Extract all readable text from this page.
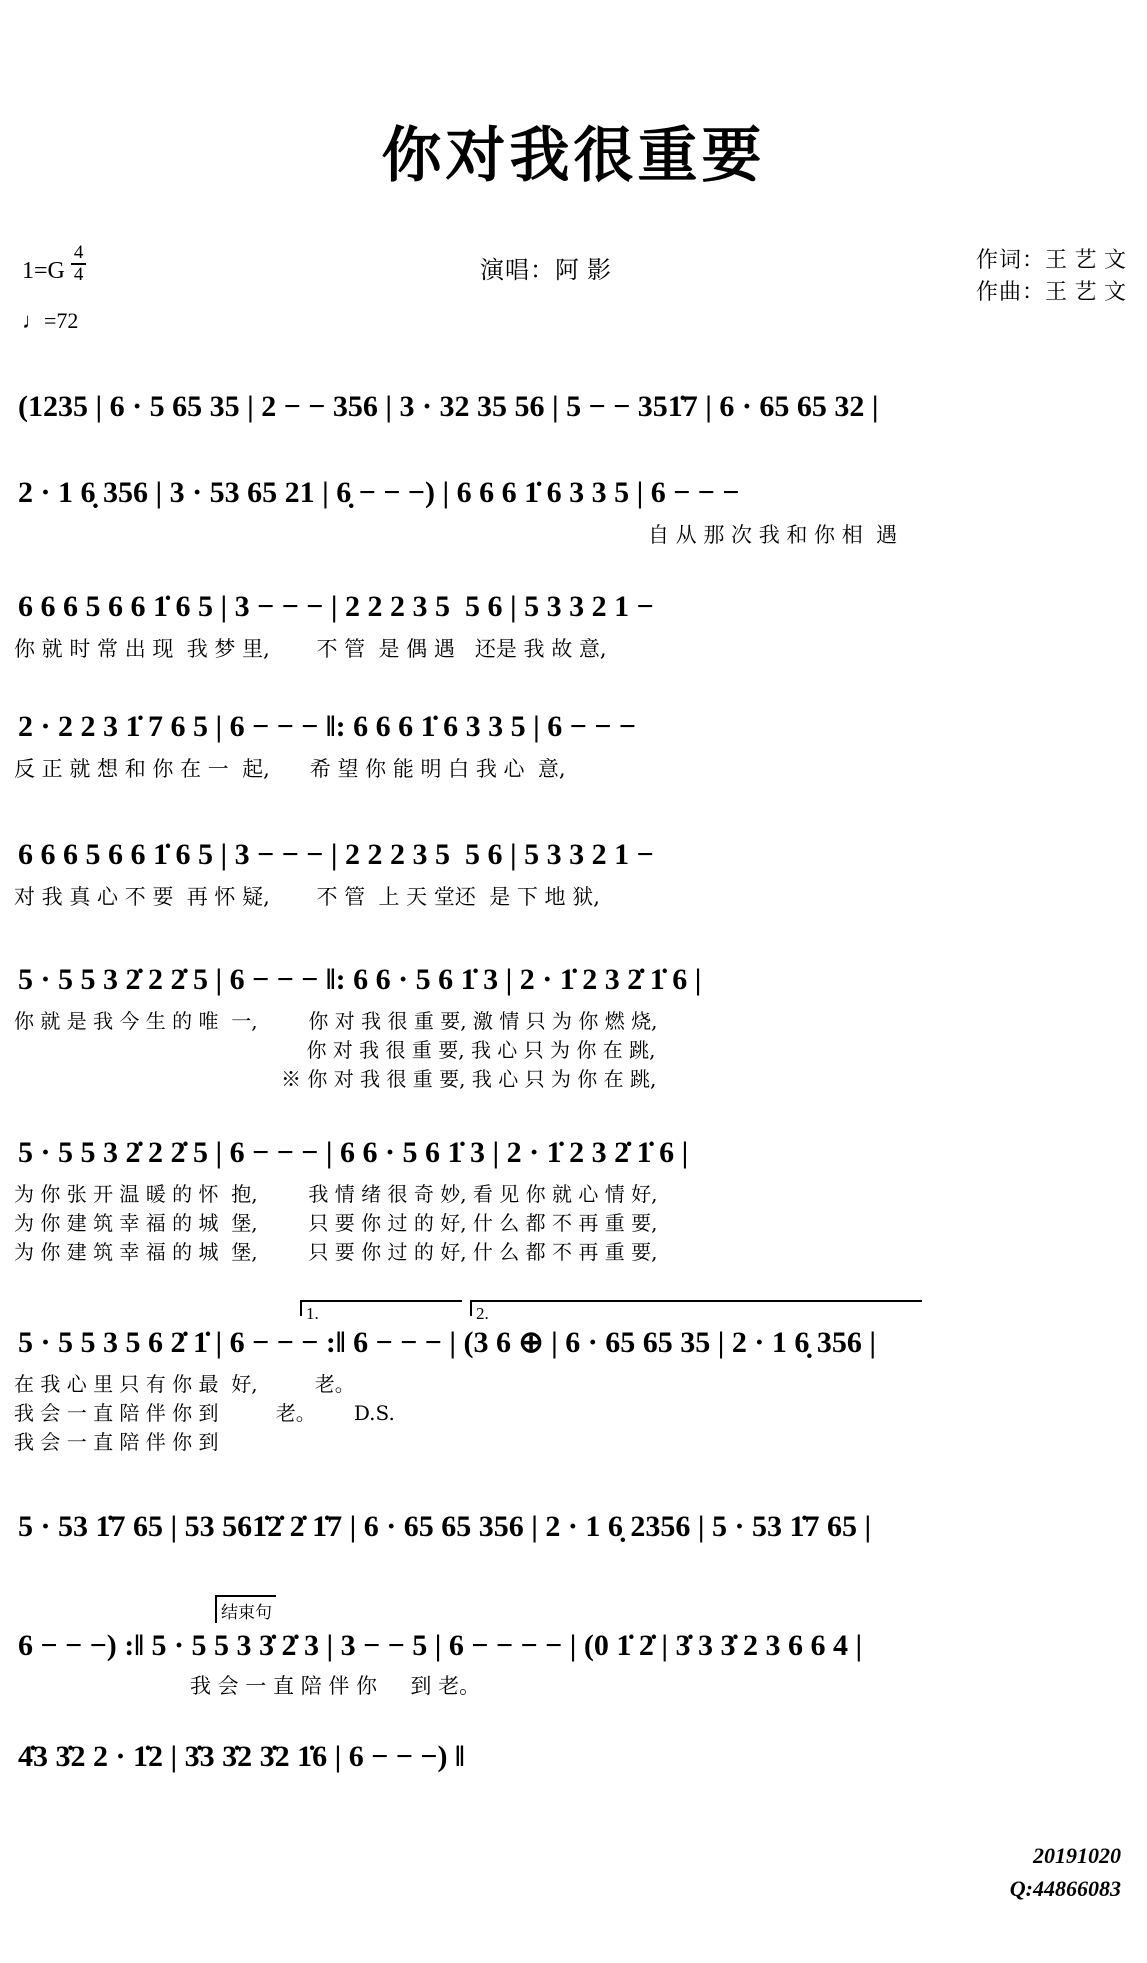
你对我很重要
$1=G \frac{4}{4}$
♩=72
演唱：阿 影	作词：王 艺 文
作曲：王 艺 文
(1235 | 6 · 5 65 35 | 2 − − 356 | 3 · 32 35 56 | 5 − − 351̇7 | 6 · 65 65 32 |
2 · 1 6̣ 356 | 3 · 53 65 21 | 6̣ − − −) | 6 6 6 1̇ 6 3 3 5 | 6 − − −
自 从 那 次 我 和 你 相  遇
6 6 6 5 6 6 1̇ 6 5 | 3 − − − | 2 2 2 3 5  5 6 | 5 3 3 2 1 −
你 就 时 常 出 现  我 梦 里,       不 管  是 偶 遇   还是 我 故 意,
2 · 2 2 3 1̇ 7 6 5 | 6 − − − ‖: 6 6 6 1̇ 6 3 3 5 | 6 − − −
反 正 就 想 和 你 在 一  起,      希 望 你 能 明 白 我 心  意,
6 6 6 5 6 6 1̇ 6 5 | 3 − − − | 2 2 2 3 5  5 6 | 5 3 3 2 1 −
对 我 真 心 不 要  再 怀 疑,       不 管  上 天 堂还  是 下 地 狱,
5 · 5 5 3 2̇ 2 2̇ 5 | 6 − − − ‖: 6 6 · 5 6 1̇ 3 | 2 · 1̇ 2 3 2̇ 1̇ 6 |
你 就 是 我 今 生 的 唯  一,        你 对 我 很 重 要, 激 情 只 为 你 燃 烧,
你 对 我 很 重 要, 我 心 只 为 你 在 跳,
※ 你 对 我 很 重 要, 我 心 只 为 你 在 跳,
5 · 5 5 3 2̇ 2 2̇ 5 | 6 − − − | 6 6 · 5 6 1̇ 3 | 2 · 1̇ 2 3 2̇ 1̇ 6 |
为 你 张 开 温 暖 的 怀  抱,        我 情 绪 很 奇 妙, 看 见 你 就 心 情 好,
为 你 建 筑 幸 福 的 城  堡,        只 要 你 过 的 好, 什 么 都 不 再 重 要,
为 你 建 筑 幸 福 的 城  堡,        只 要 你 过 的 好, 什 么 都 不 再 重 要,
1.	2.
5 · 5 5 3 5 6 2̇ 1̇ | 6 − − − :‖ 6 − − − | (3 6 ⊕ | 6 · 65 65 35 | 2 · 1 6̣ 356 |
在 我 心 里 只 有 你 最  好,         老。
我 会 一 直 陪 伴 你 到         老。      D.S.
我 会 一 直 陪 伴 你 到
5 · 53 1̇7 65 | 53 561̇2̇ 2̇ 1̇7 | 6 · 65 65 356 | 2 · 1 6̣ 2356 | 5 · 53 1̇7 65 |
结束句
6 − − −) :‖ 5 · 5 5 3 3̇ 2̇ 3 | 3 − − 5 | 6 − − − − | (0 1̇ 2̇ | 3̇ 3 3̇ 2 3 6 6 4 |
我 会 一 直 陪 伴 你     到 老。
4̇3 3̇2 2 · 1̇2 | 3̇3 3̇2 3̇2 1̇6 | 6 − − −) ‖
20191020
Q:44866083
